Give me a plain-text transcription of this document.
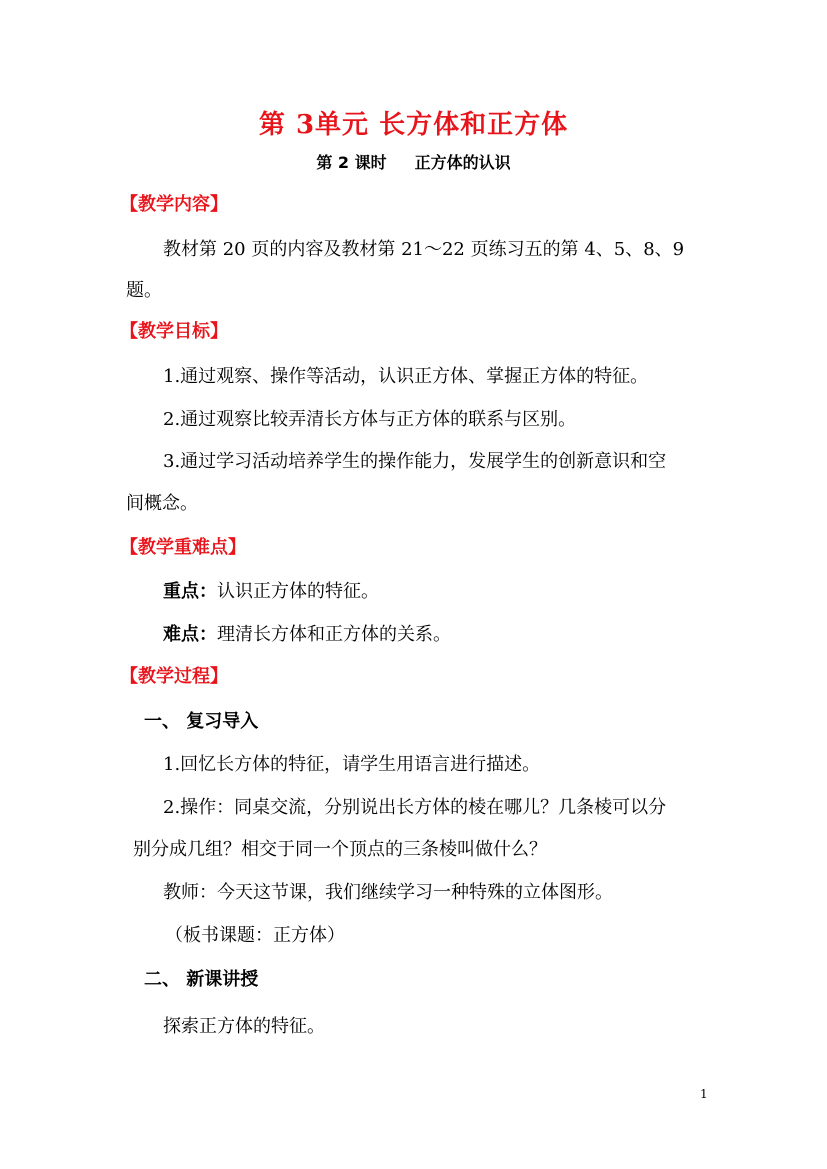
第 3单元 长方体和正方体
第 2 课时 正方体的认识
【教学内容】
教材第 20 页的内容及教材第 21～22 页练习五的第 4、5、8、9
题。
【教学目标】
1.通过观察、操作等活动，认识正方体、掌握正方体的特征。
2.通过观察比较弄清长方体与正方体的联系与区别。
3.通过学习活动培养学生的操作能力，发展学生的创新意识和空
间概念。
【教学重难点】
重点：认识正方体的特征。
难点：理清长方体和正方体的关系。
【教学过程】
一、 复习导入
1.回忆长方体的特征，请学生用语言进行描述。
2.操作：同桌交流，分别说出长方体的棱在哪儿？几条棱可以分
别分成几组？相交于同一个顶点的三条棱叫做什么？
教师：今天这节课，我们继续学习一种特殊的立体图形。
（板书课题：正方体）
二、 新课讲授
探索正方体的特征。
1
